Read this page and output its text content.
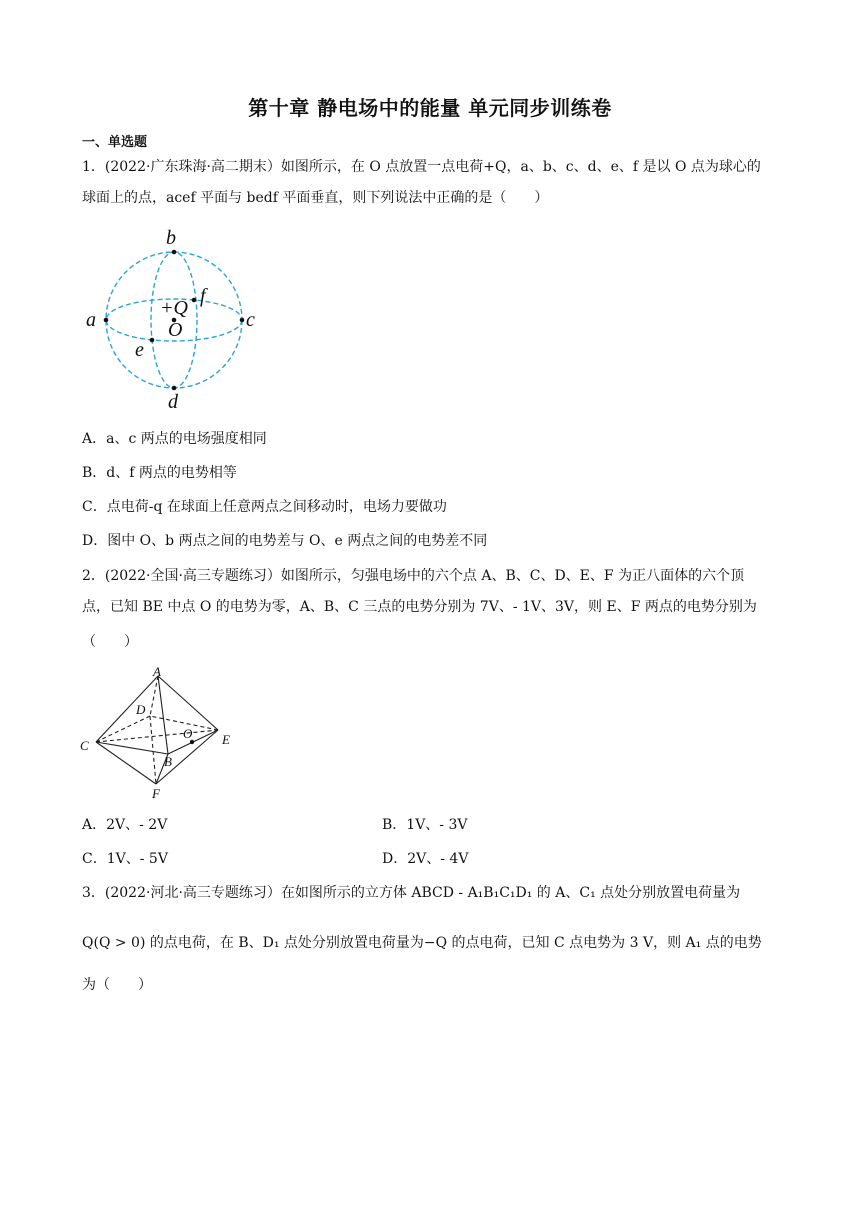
第十章 静电场中的能量 单元同步训练卷
一、单选题
1．(2022·广东珠海·高二期末）如图所示，在 O 点放置一点电荷+Q，a、b、c、d、e、f 是以 O 点为球心的
球面上的点，acef 平面与 bedf 平面垂直，则下列说法中正确的是（　　）
b
a	c
d
e
f
+Q
O
A．a、c 两点的电场强度相同
B．d、f 两点的电势相等
C．点电荷-q 在球面上任意两点之间移动时，电场力要做功
D．图中 O、b 两点之间的电势差与 O、e 两点之间的电势差不同
2．(2022·全国·高三专题练习）如图所示，匀强电场中的六个点 A、B、C、D、E、F 为正八面体的六个顶
点，已知 BE 中点 O 的电势为零，A、B、C 三点的电势分别为 7V、- 1V、3V，则 E、F 两点的电势分别为
（　　）
A
D
C
O E
B
F
A．2V、- 2V	B．1V、- 3V
C．1V、- 5V	D．2V、- 4V
3．(2022·河北·高三专题练习）在如图所示的立方体 ABCD - A₁B₁C₁D₁ 的 A、C₁ 点处分别放置电荷量为
Q(Q > 0) 的点电荷，在 B、D₁ 点处分别放置电荷量为−Q 的点电荷，已知 C 点电势为 3 V，则 A₁ 点的电势
为（　　）
